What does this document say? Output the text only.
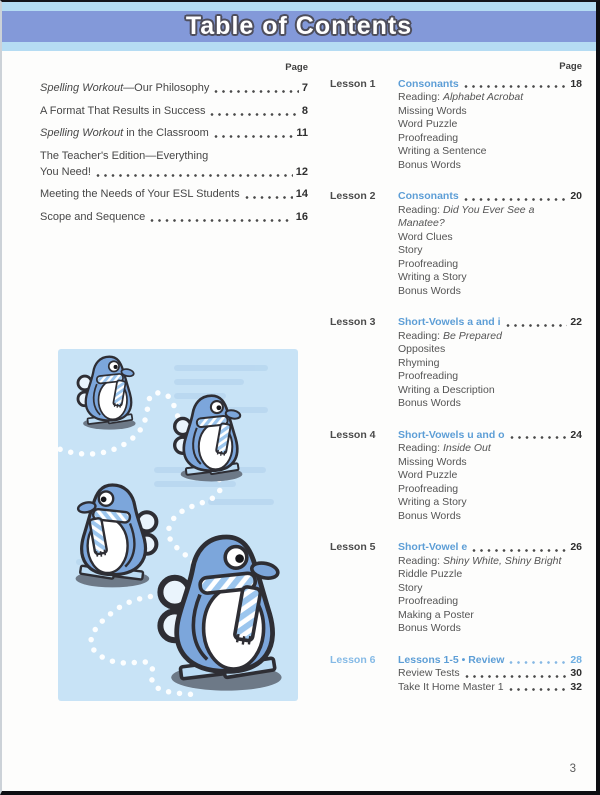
Table of Contents
Page
Spelling Workout—Our Philosophy	7
A Format That Results in Success	8
Spelling Workout in the Classroom	11
The Teacher's Edition—Everything
You Need!	12
Meeting the Needs of Your ESL Students	14
Scope and Sequence	16
Page
Lesson 1	Consonants	18
Reading: Alphabet Acrobat
Missing Words
Word Puzzle
Proofreading
Writing a Sentence
Bonus Words
Lesson 2	Consonants	20
Reading: Did You Ever See a Manatee?
Word Clues
Story
Proofreading
Writing a Story
Bonus Words
Lesson 3	Short-Vowels a and i	22
Reading: Be Prepared
Opposites
Rhyming
Proofreading
Writing a Description
Bonus Words
Lesson 4	Short-Vowels u and o	24
Reading: Inside Out
Missing Words
Word Puzzle
Proofreading
Writing a Story
Bonus Words
Lesson 5	Short-Vowel e	26
Reading: Shiny White, Shiny Bright
Riddle Puzzle
Story
Proofreading
Making a Poster
Bonus Words
Lesson 6	Lessons 1-5 • Review	28
Review Tests	30
Take It Home Master 1	32
3
